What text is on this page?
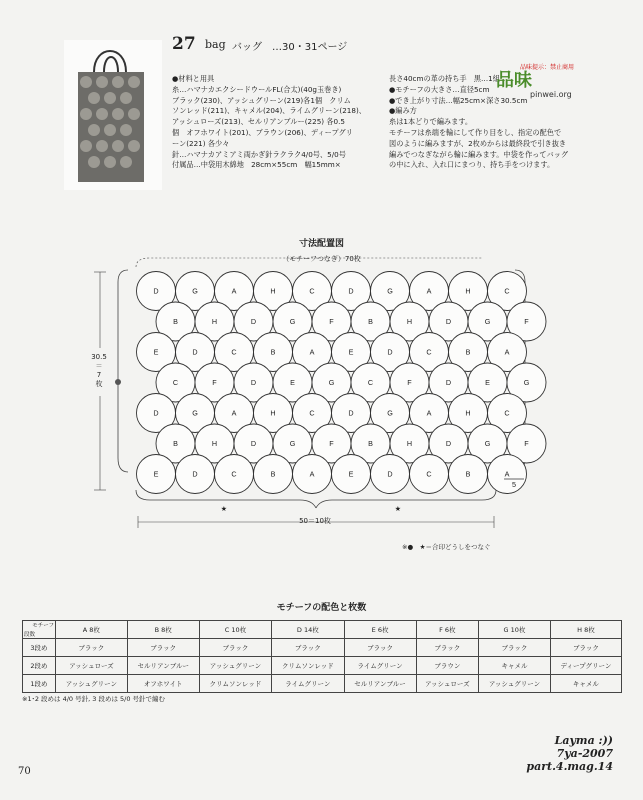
27 bag バッグ　…30・31ページ
●材料と用具
糸…ハマナカエクシードウールFL(合太)(40g玉巻き)
ブラック(230)、アッシュグリーン(219)各1個　クリム
ソンレッド(211)、キャメル(204)、ライムグリーン(218)、
アッシュローズ(213)、セルリアンブルー(225) 各0.5
個　オフホワイト(201)、ブラウン(206)、ディープグリ
ーン(221) 各少々
針…ハマナカアミアミ両かぎ針ラクラク4/0号、5/0号
付属品…中袋用木綿地　28cm×55cm　幅15mm×
長さ40cmの革の持ち手　黒…1組
●モチーフの大きさ…直径5cm
●でき上がり寸法…幅25cm×深さ30.5cm
●編み方
糸は1本どりで編みます。
モチーフは糸端を輪にして作り目をし、指定の配色で
図のように編みますが、2枚めからは最終段で引き抜き
編みでつなぎながら輪に編みます。中袋を作ってバッグ
の中に入れ、入れ口にまつり、持ち手をつけます。
品味
品味提示：禁止商用
pinwei.org
寸法配置図
（モチーフつなぎ）70枚
★	★
D	G	A	H	C	D	G	A	H	C
B	H	D	G	F	B	H	D	G	F
E	D	C	B	A	E	D	C	B	A
C	F	D	E	G	C	F	D	E	G
D	G	A	H	C	D	G	A	H	C
B	H	D	G	F	B	H	D	G	F
E	D	C	B	A	E	D	C	B	A
5
30.5
＝
7
枚
50＝10枚
※●　★＝合印どうしをつなぐ
モチーフの配色と枚数
モチーフ
段数	A 8枚	B 8枚	C 10枚	D 14枚	E 6枚	F 6枚	G 10枚	H 8枚
3段め	ブラック	ブラック	ブラック	ブラック	ブラック	ブラック	ブラック	ブラック
2段め	アッシュローズ	セルリアンブルー	アッシュグリーン	クリムソンレッド	ライムグリーン	ブラウン	キャメル	ディープグリーン
1段め	アッシュグリーン	オフホワイト	クリムソンレッド	ライムグリーン	セルリアンブルー	アッシュローズ	アッシュグリーン	キャメル
※1･2 段めは 4/0 号針, 3 段めは 5/0 号針で編む
Layma :))
7ya-2007
part.4.mag.14
70
